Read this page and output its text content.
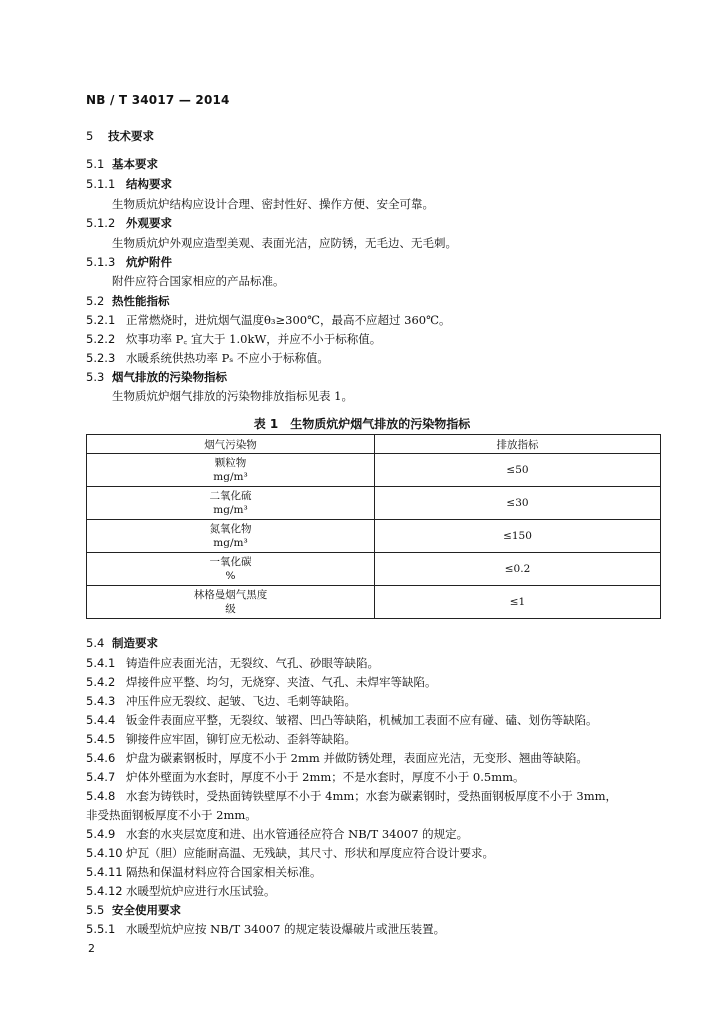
NB / T 34017 — 2014
5 技术要求
5.1 基本要求
5.1.1 结构要求
生物质炕炉结构应设计合理、密封性好、操作方便、安全可靠。
5.1.2 外观要求
生物质炕炉外观应造型美观、表面光洁，应防锈，无毛边、无毛刺。
5.1.3 炕炉附件
附件应符合国家相应的产品标准。
5.2 热性能指标
5.2.1 正常燃烧时，进炕烟气温度θ₃≥300℃，最高不应超过 360℃。
5.2.2 炊事功率 P꜀ 宜大于 1.0kW，并应不小于标称值。
5.2.3 水暖系统供热功率 Pₛ 不应小于标称值。
5.3 烟气排放的污染物指标
生物质炕炉烟气排放的污染物排放指标见表 1。
表 1　生物质炕炉烟气排放的污染物指标
烟气污染物	排放指标
颗粒物
mg/m³	≤50
二氧化硫
mg/m³	≤30
氮氧化物
mg/m³	≤150
一氧化碳
%	≤0.2
林格曼烟气黑度
级	≤1
5.4 制造要求
5.4.1 铸造件应表面光洁，无裂纹、气孔、砂眼等缺陷。
5.4.2 焊接件应平整、均匀，无烧穿、夹渣、气孔、未焊牢等缺陷。
5.4.3 冲压件应无裂纹、起皱、飞边、毛刺等缺陷。
5.4.4 钣金件表面应平整，无裂纹、皱褶、凹凸等缺陷，机械加工表面不应有碰、磕、划伤等缺陷。
5.4.5 铆接件应牢固，铆钉应无松动、歪斜等缺陷。
5.4.6 炉盘为碳素钢板时，厚度不小于 2mm 并做防锈处理，表面应光洁，无变形、翘曲等缺陷。
5.4.7 炉体外壁面为水套时，厚度不小于 2mm；不是水套时，厚度不小于 0.5mm。
5.4.8 水套为铸铁时，受热面铸铁壁厚不小于 4mm；水套为碳素钢时，受热面钢板厚度不小于 3mm，
非受热面钢板厚度不小于 2mm。
5.4.9 水套的水夹层宽度和进、出水管通径应符合 NB/T 34007 的规定。
5.4.10 炉瓦（胆）应能耐高温、无残缺，其尺寸、形状和厚度应符合设计要求。
5.4.11 隔热和保温材料应符合国家相关标准。
5.4.12 水暖型炕炉应进行水压试验。
5.5 安全使用要求
5.5.1 水暖型炕炉应按 NB/T 34007 的规定装设爆破片或泄压装置。
2
